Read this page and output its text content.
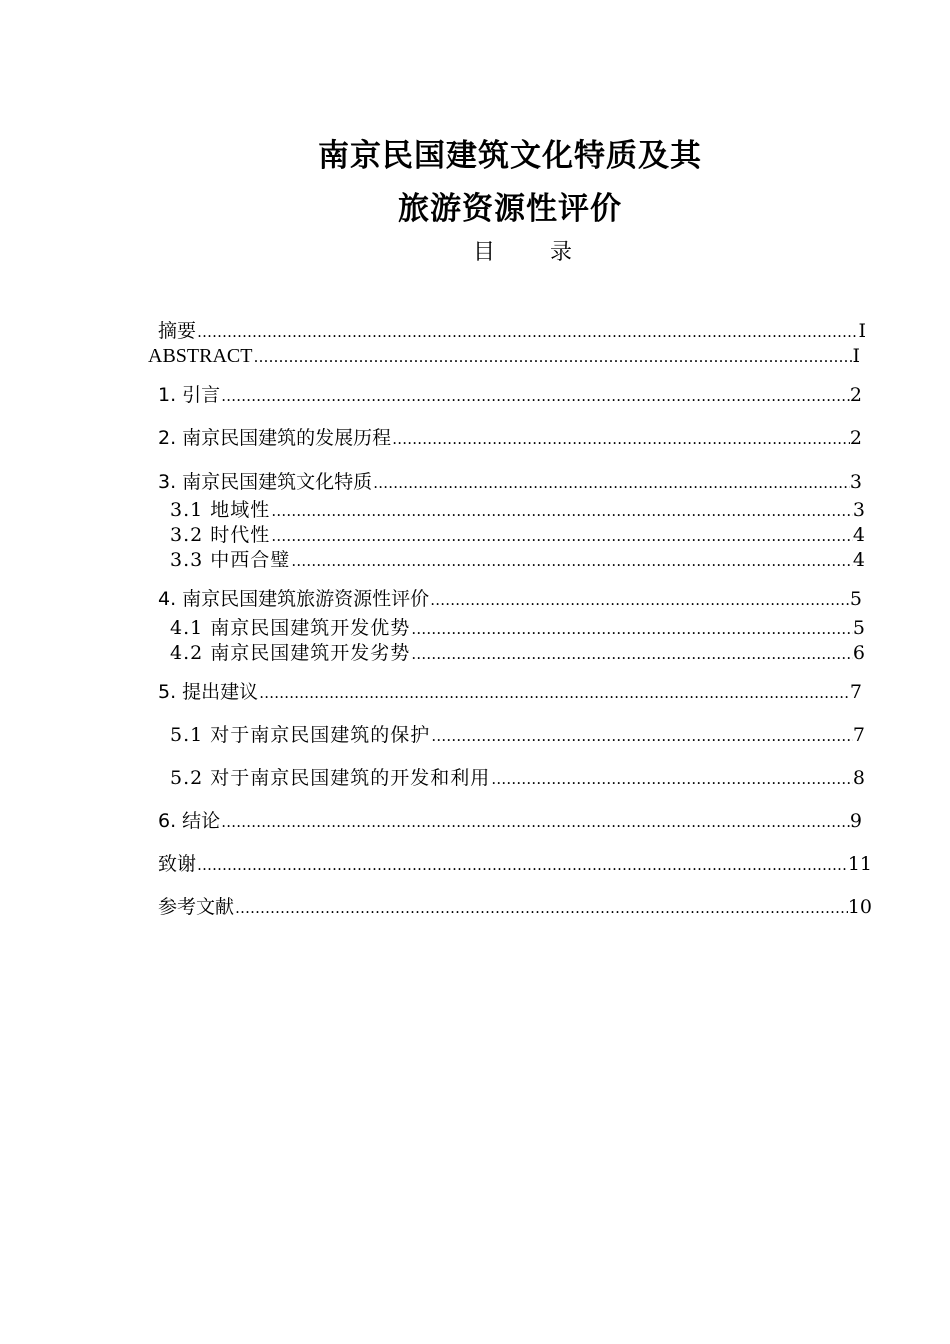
南京民国建筑文化特质及其
旅游资源性评价
目 录
摘要 …………………………………………………………………………………………………………………………………………………………………………………………………………	Ⅰ
ABSTRACT …………………………………………………………………………………………………………………………………………………………………………………………………………	Ⅰ
1. 引言 …………………………………………………………………………………………………………………………………………………………………………………………………………	2
2. 南京民国建筑的发展历程 …………………………………………………………………………………………………………………………………………………………………………………………………………	2
3. 南京民国建筑文化特质 …………………………………………………………………………………………………………………………………………………………………………………………………………	3
3.1 地域性 …………………………………………………………………………………………………………………………………………………………………………………………………………	3
3.2 时代性 …………………………………………………………………………………………………………………………………………………………………………………………………………	4
3.3 中西合璧 …………………………………………………………………………………………………………………………………………………………………………………………………………	4
4. 南京民国建筑旅游资源性评价 …………………………………………………………………………………………………………………………………………………………………………………………………………	5
4.1 南京民国建筑开发优势 …………………………………………………………………………………………………………………………………………………………………………………………………………	5
4.2 南京民国建筑开发劣势 …………………………………………………………………………………………………………………………………………………………………………………………………………	6
5. 提出建议 …………………………………………………………………………………………………………………………………………………………………………………………………………	7
5.1 对于南京民国建筑的保护 …………………………………………………………………………………………………………………………………………………………………………………………………………	7
5.2 对于南京民国建筑的开发和利用 …………………………………………………………………………………………………………………………………………………………………………………………………………	8
6. 结论 …………………………………………………………………………………………………………………………………………………………………………………………………………	9
致谢 …………………………………………………………………………………………………………………………………………………………………………………………………………	11
参考文献 …………………………………………………………………………………………………………………………………………………………………………………………………………	10
